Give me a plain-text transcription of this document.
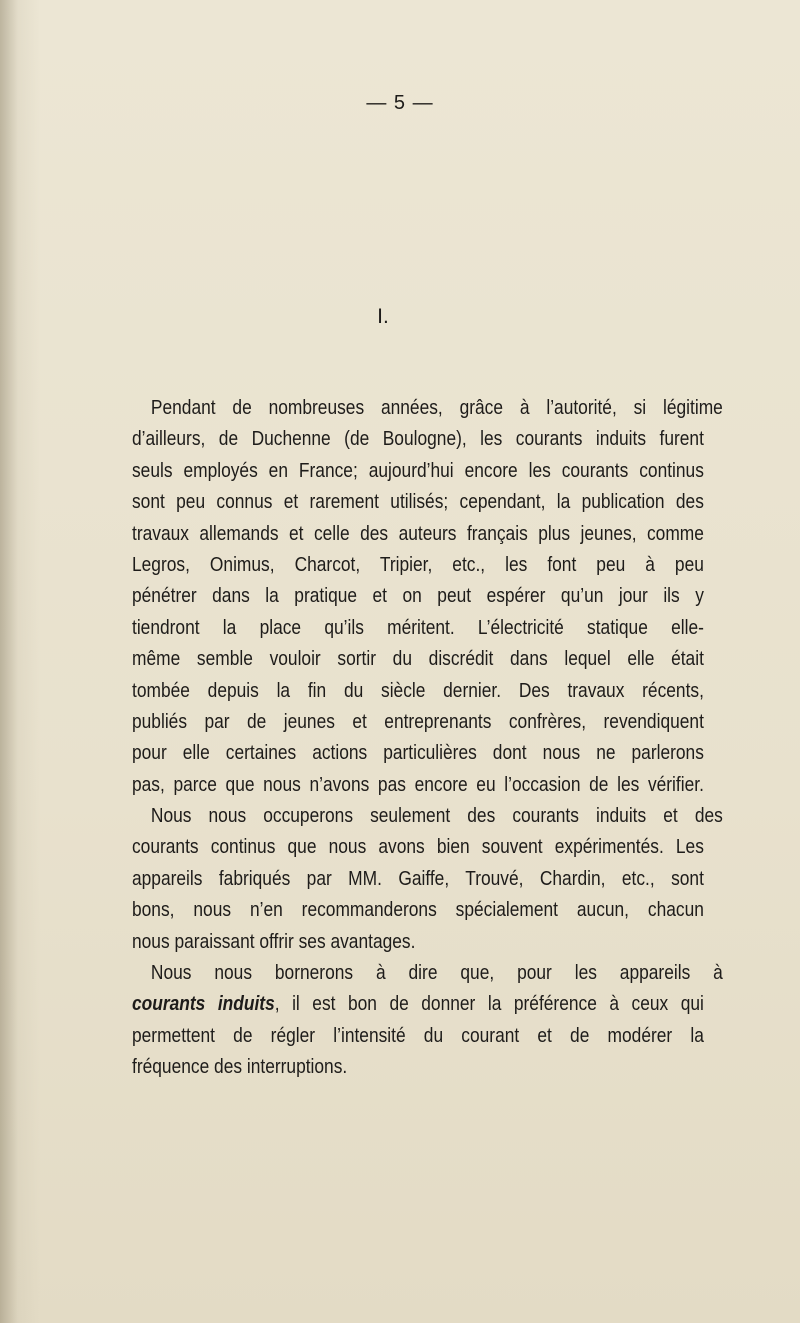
— 5 —
I.
Pendant de nombreuses années, grâce à l’autorité, si légitime
d’ailleurs, de Duchenne (de Boulogne), les courants induits furent
seuls employés en France; aujourd’hui encore les courants continus
sont peu connus et rarement utilisés; cependant, la publication des
travaux allemands et celle des auteurs français plus jeunes, comme
Legros, Onimus, Charcot, Tripier, etc., les font peu à peu
pénétrer dans la pratique et on peut espérer qu’un jour ils y
tiendront la place qu’ils méritent. L’électricité statique elle-
même semble vouloir sortir du discrédit dans lequel elle était
tombée depuis la fin du siècle dernier. Des travaux récents,
publiés par de jeunes et entreprenants confrères, revendiquent
pour elle certaines actions particulières dont nous ne parlerons
pas, parce que nous n’avons pas encore eu l’occasion de les vérifier.
Nous nous occuperons seulement des courants induits et des
courants continus que nous avons bien souvent expérimentés. Les
appareils fabriqués par MM. Gaiffe, Trouvé, Chardin, etc., sont
bons, nous n’en recommanderons spécialement aucun, chacun
nous paraissant offrir ses avantages.
Nous nous bornerons à dire que, pour les appareils à
courants induits, il est bon de donner la préférence à ceux qui
permettent de régler l’intensité du courant et de modérer la
fréquence des interruptions.
